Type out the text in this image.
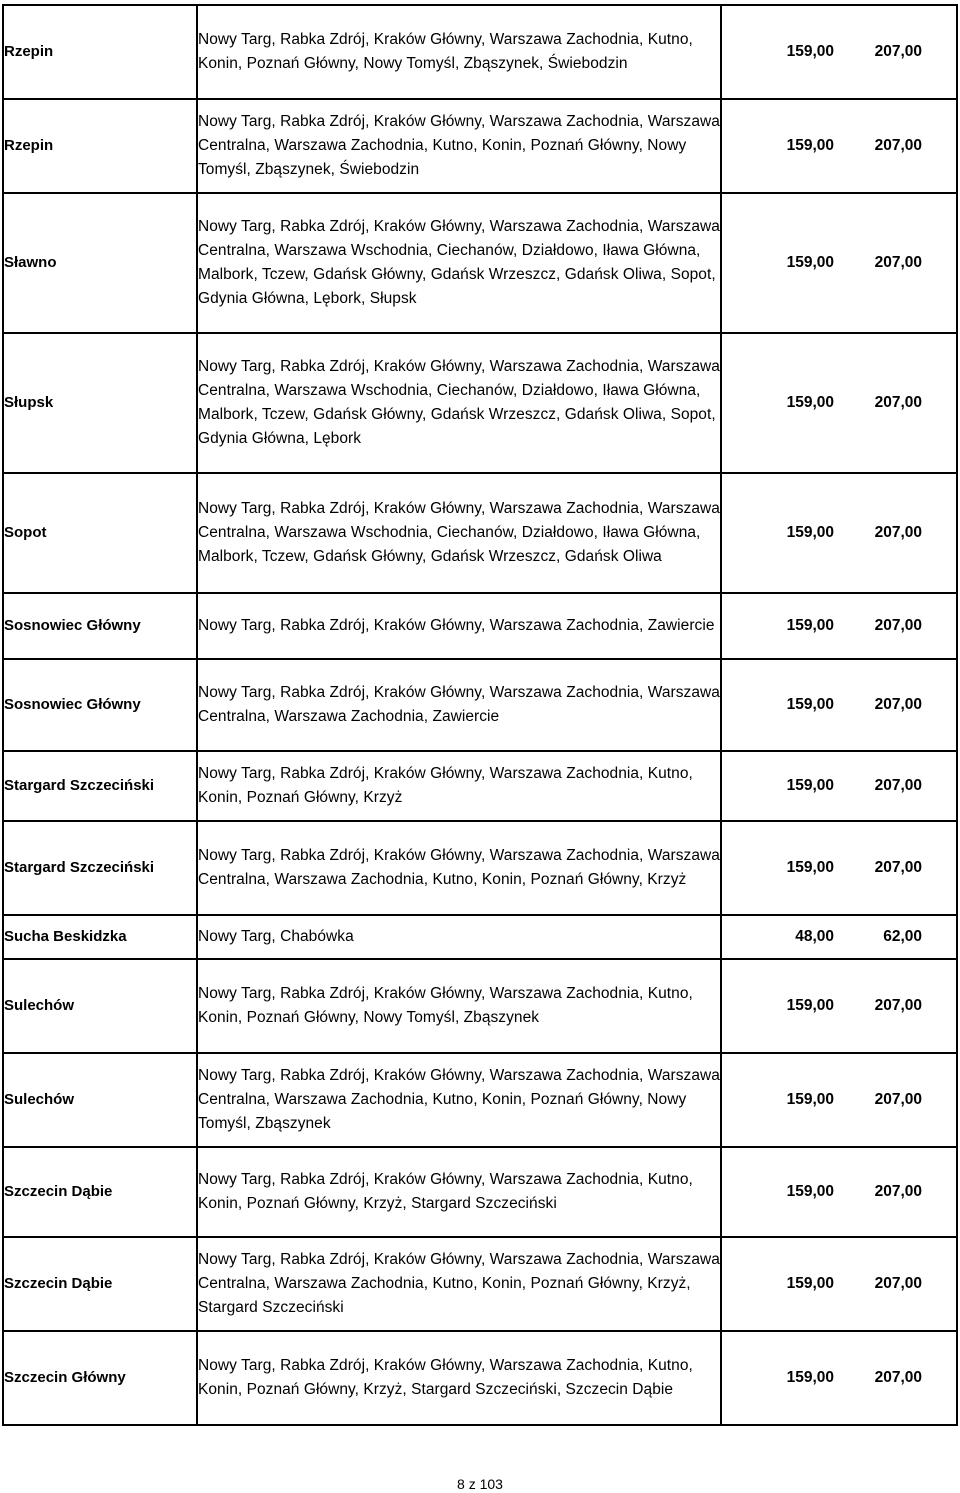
Rzepin	Nowy Targ, Rabka Zdrój, Kraków Główny, Warszawa Zachodnia, Kutno, Konin, Poznań Główny, Nowy Tomyśl, Zbąszynek, Świebodzin	159,00 207,00

Rzepin	Nowy Targ, Rabka Zdrój, Kraków Główny, Warszawa Zachodnia, Warszawa Centralna, Warszawa Zachodnia, Kutno, Konin, Poznań Główny, Nowy Tomyśl, Zbąszynek, Świebodzin	159,00 207,00

Sławno	Nowy Targ, Rabka Zdrój, Kraków Główny, Warszawa Zachodnia, Warszawa Centralna, Warszawa Wschodnia, Ciechanów, Działdowo, Iława Główna, Malbork, Tczew, Gdańsk Główny, Gdańsk Wrzeszcz, Gdańsk Oliwa, Sopot, Gdynia Główna, Lębork, Słupsk	159,00 207,00

Słupsk	Nowy Targ, Rabka Zdrój, Kraków Główny, Warszawa Zachodnia, Warszawa Centralna, Warszawa Wschodnia, Ciechanów, Działdowo, Iława Główna, Malbork, Tczew, Gdańsk Główny, Gdańsk Wrzeszcz, Gdańsk Oliwa, Sopot, Gdynia Główna, Lębork	159,00 207,00

Sopot	Nowy Targ, Rabka Zdrój, Kraków Główny, Warszawa Zachodnia, Warszawa Centralna, Warszawa Wschodnia, Ciechanów, Działdowo, Iława Główna, Malbork, Tczew, Gdańsk Główny, Gdańsk Wrzeszcz, Gdańsk Oliwa	159,00 207,00

Sosnowiec Główny	Nowy Targ, Rabka Zdrój, Kraków Główny, Warszawa Zachodnia, Zawiercie	159,00 207,00

Sosnowiec Główny	Nowy Targ, Rabka Zdrój, Kraków Główny, Warszawa Zachodnia, Warszawa Centralna, Warszawa Zachodnia, Zawiercie	159,00 207,00

Stargard Szczeciński	Nowy Targ, Rabka Zdrój, Kraków Główny, Warszawa Zachodnia, Kutno, Konin, Poznań Główny, Krzyż	159,00 207,00

Stargard Szczeciński	Nowy Targ, Rabka Zdrój, Kraków Główny, Warszawa Zachodnia, Warszawa Centralna, Warszawa Zachodnia, Kutno, Konin, Poznań Główny, Krzyż	159,00 207,00

Sucha Beskidzka	Nowy Targ, Chabówka	48,00 62,00

Sulechów	Nowy Targ, Rabka Zdrój, Kraków Główny, Warszawa Zachodnia, Kutno, Konin, Poznań Główny, Nowy Tomyśl, Zbąszynek	159,00 207,00

Sulechów	Nowy Targ, Rabka Zdrój, Kraków Główny, Warszawa Zachodnia, Warszawa Centralna, Warszawa Zachodnia, Kutno, Konin, Poznań Główny, Nowy Tomyśl, Zbąszynek	159,00 207,00

Szczecin Dąbie	Nowy Targ, Rabka Zdrój, Kraków Główny, Warszawa Zachodnia, Kutno, Konin, Poznań Główny, Krzyż, Stargard Szczeciński	159,00 207,00

Szczecin Dąbie	Nowy Targ, Rabka Zdrój, Kraków Główny, Warszawa Zachodnia, Warszawa Centralna, Warszawa Zachodnia, Kutno, Konin, Poznań Główny, Krzyż, Stargard Szczeciński	159,00 207,00

Szczecin Główny	Nowy Targ, Rabka Zdrój, Kraków Główny, Warszawa Zachodnia, Kutno, Konin, Poznań Główny, Krzyż, Stargard Szczeciński, Szczecin Dąbie	159,00 207,00
8 z 103
